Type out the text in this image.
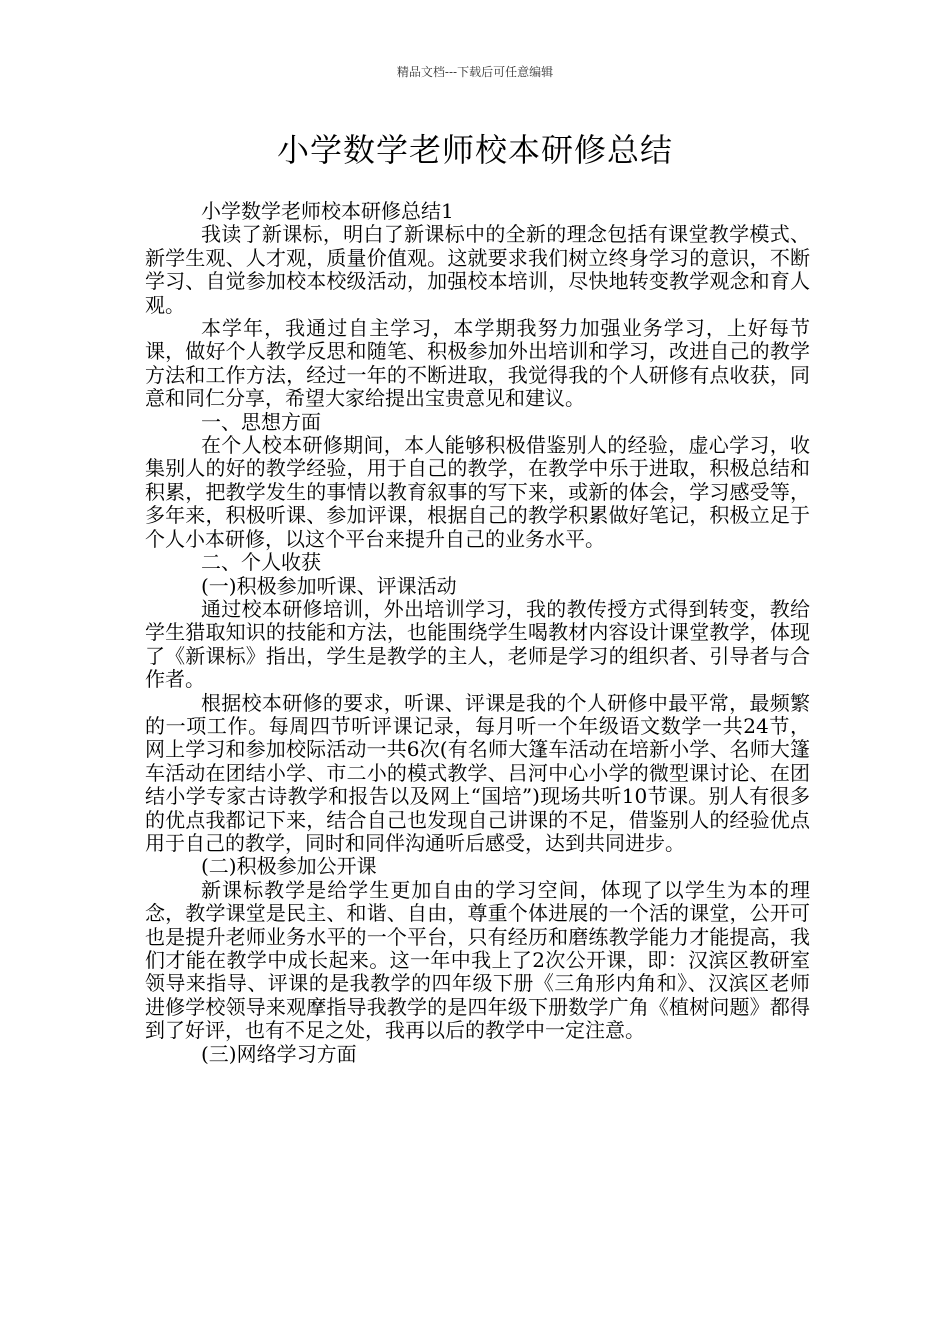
精品文档---下载后可任意编辑
小学数学老师校本研修总结

小学数学老师校本研修总结1

我读了新课标，明白了新课标中的全新的理念包括有课堂教学模式、新学生观、人才观，质量价值观。这就要求我们树立终身学习的意识，不断学习、自觉参加校本校级活动，加强校本培训，尽快地转变教学观念和育人观。

本学年，我通过自主学习，本学期我努力加强业务学习，上好每节课，做好个人教学反思和随笔、积极参加外出培训和学习，改进自己的教学方法和工作方法，经过一年的不断进取，我觉得我的个人研修有点收获，同意和同仁分享，希望大家给提出宝贵意见和建议。

一、思想方面

在个人校本研修期间，本人能够积极借鉴别人的经验，虚心学习，收集别人的好的教学经验，用于自己的教学，在教学中乐于进取，积极总结和积累，把教学发生的事情以教育叙事的写下来，或新的体会，学习感受等，多年来，积极听课、参加评课，根据自己的教学积累做好笔记，积极立足于个人小本研修，以这个平台来提升自己的业务水平。

二、个人收获

(一)积极参加听课、评课活动

通过校本研修培训，外出培训学习，我的教传授方式得到转变，教给学生猎取知识的技能和方法，也能围绕学生喝教材内容设计课堂教学，体现了《新课标》指出，学生是教学的主人，老师是学习的组织者、引导者与合作者。

根据校本研修的要求，听课、评课是我的个人研修中最平常，最频繁的一项工作。每周四节听评课记录，每月听一个年级语文数学一共24节，网上学习和参加校际活动一共6次(有名师大篷车活动在培新小学、名师大篷车活动在团结小学、市二小的模式教学、吕河中心小学的微型课讨论、在团结小学专家古诗教学和报告以及网上“国培”)现场共听10节课。别人有很多的优点我都记下来，结合自己也发现自己讲课的不足，借鉴别人的经验优点用于自己的教学，同时和同伴沟通听后感受，达到共同进步。

(二)积极参加公开课

新课标教学是给学生更加自由的学习空间，体现了以学生为本的理念，教学课堂是民主、和谐、自由，尊重个体进展的一个活的课堂，公开可也是提升老师业务水平的一个平台，只有经历和磨练教学能力才能提高，我们才能在教学中成长起来。这一年中我上了2次公开课，即：汉滨区教研室领导来指导、评课的是我教学的四年级下册《三角形内角和》、汉滨区老师进修学校领导来观摩指导我教学的是四年级下册数学广角《植树问题》都得到了好评，也有不足之处，我再以后的教学中一定注意。

(三)网络学习方面
